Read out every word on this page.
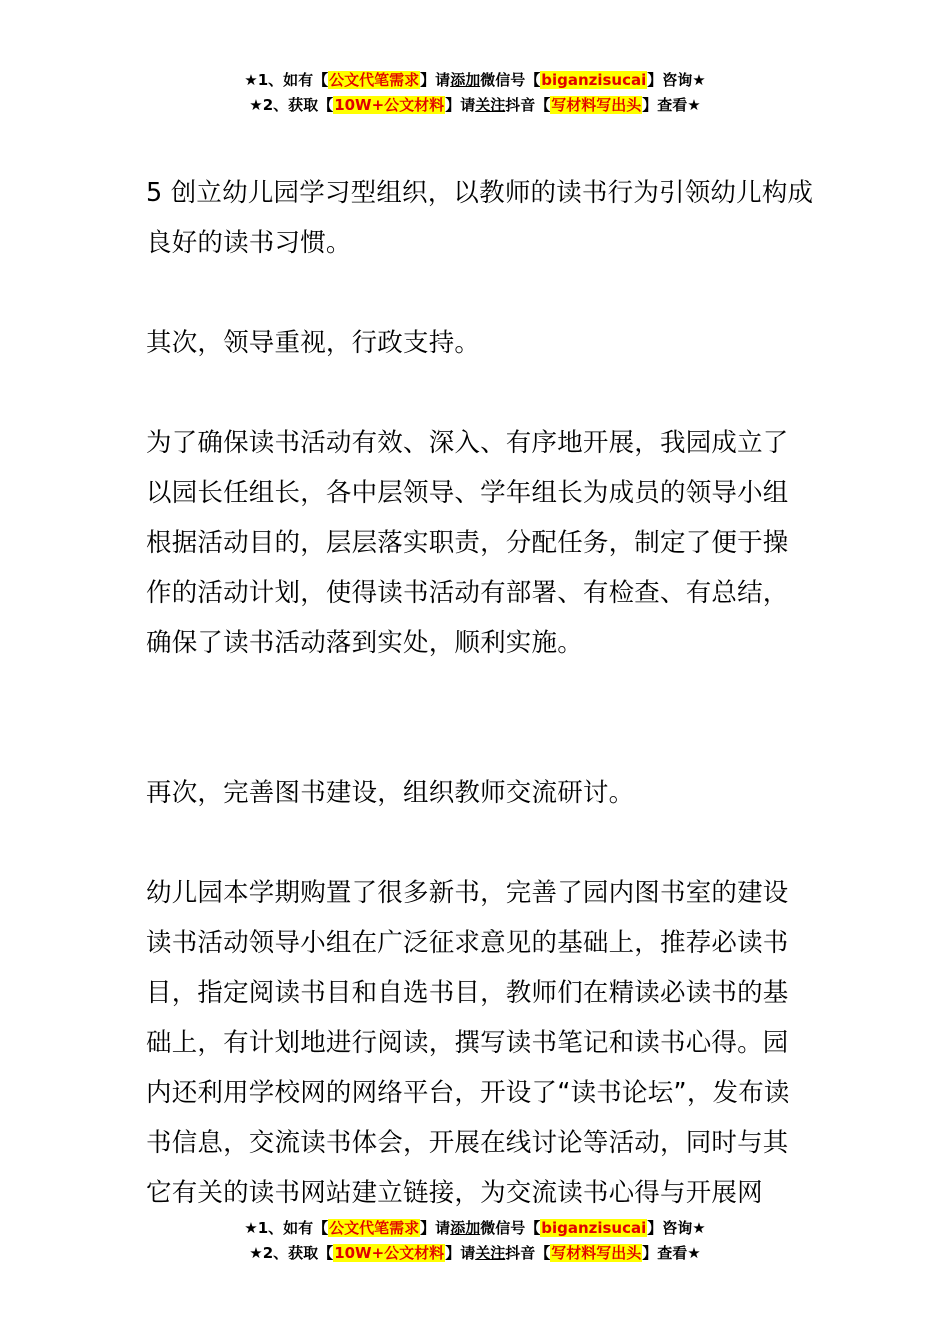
★1、如有【公文代笔需求】请添加微信号【biganzisucai】咨询★
★2、获取【10W+公文材料】请关注抖音【写材料写出头】查看★

5 创立幼儿园学习型组织，以教师的读书行为引领幼儿构成良好的读书习惯。

其次，领导重视，行政支持。

为了确保读书活动有效、深入、有序地开展，我园成立了以园长任组长，各中层领导、学年组长为成员的领导小组根据活动目的，层层落实职责，分配任务，制定了便于操作的活动计划，使得读书活动有部署、有检查、有总结，确保了读书活动落到实处，顺利实施。

再次，完善图书建设，组织教师交流研讨。

幼儿园本学期购置了很多新书，完善了园内图书室的建设读书活动领导小组在广泛征求意见的基础上，推荐必读书目，指定阅读书目和自选书目，教师们在精读必读书的基础上，有计划地进行阅读，撰写读书笔记和读书心得。园内还利用学校网的网络平台，开设了“读书论坛”，发布读书信息，交流读书体会，开展在线讨论等活动，同时与其它有关的读书网站建立链接，为交流读书心得与开展网

★1、如有【公文代笔需求】请添加微信号【biganzisucai】咨询★
★2、获取【10W+公文材料】请关注抖音【写材料写出头】查看★
